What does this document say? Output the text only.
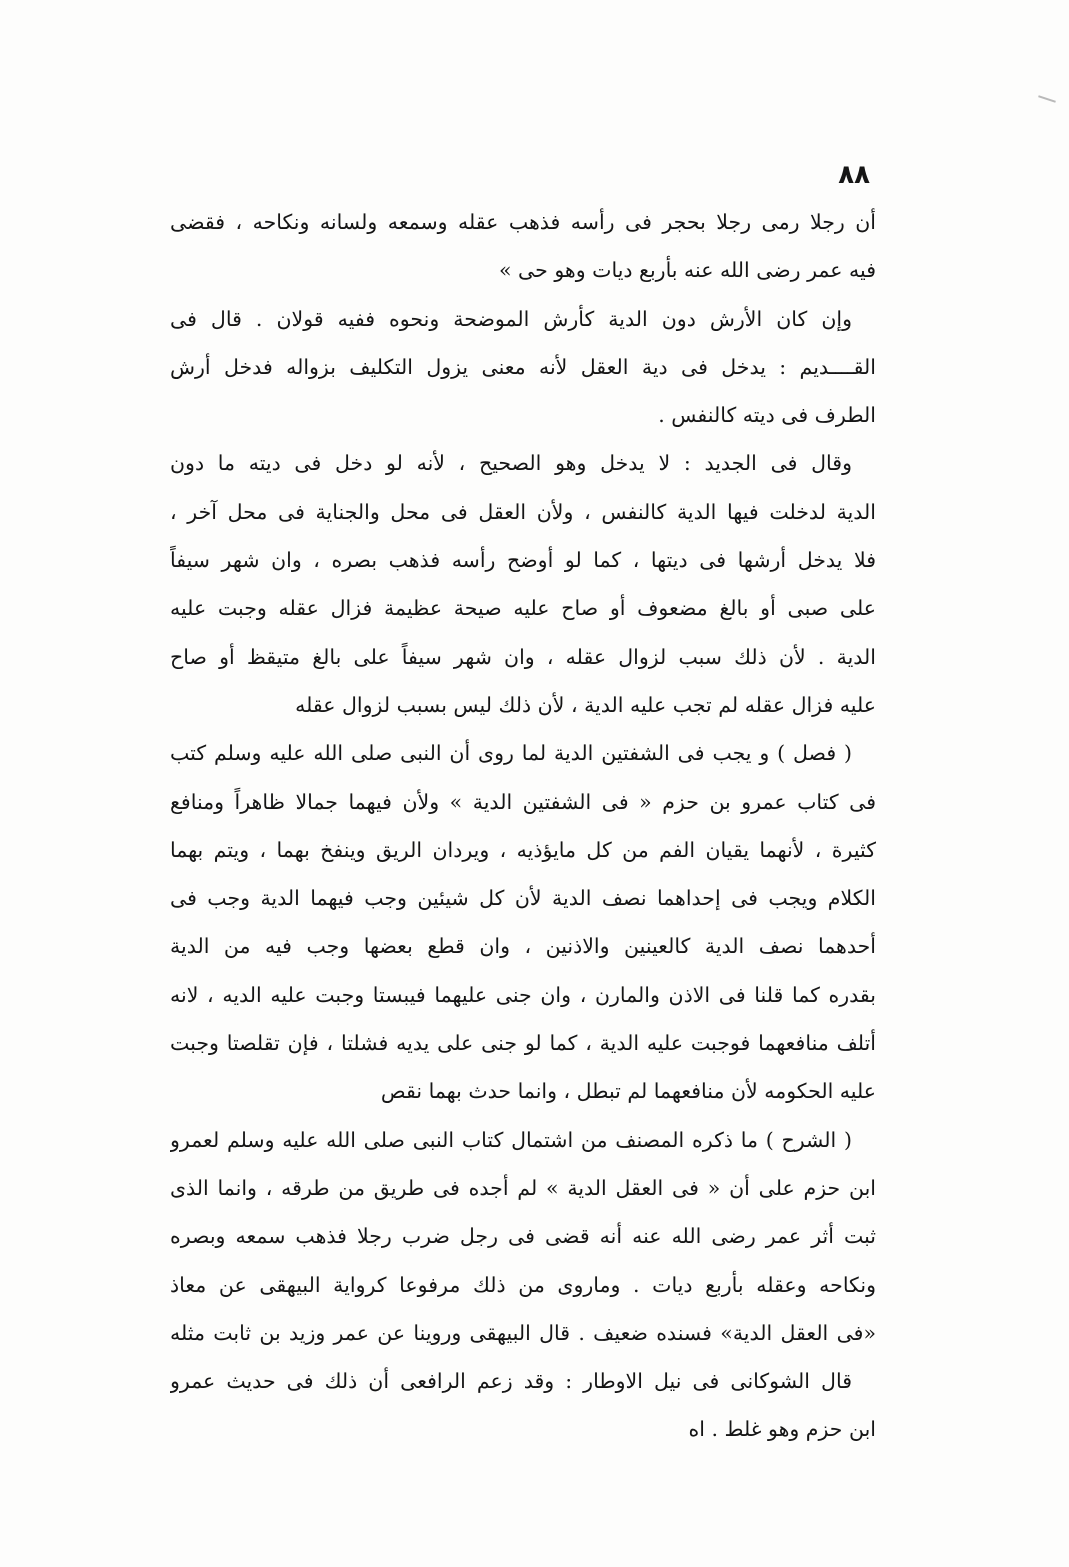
٨٨
أن رجلا رمى رجلا بحجر فى رأسه فذهب عقله وسمعه ولسانه ونكاحه ، فقضى
فيه عمر رضى الله عنه بأربع ديات وهو حى »
وإن كان الأرش دون الدية كأرش الموضحة ونحوه ففيه قولان . قال فى
القــــديم : يدخل فى دية العقل لأنه معنى يزول التكليف بزواله فدخل أرش
الطرف فى ديته كالنفس .
وقال فى الجديد : لا يدخل وهو الصحيح ، لأنه لو دخل فى ديته ما دون
الدية لدخلت فيها الدية كالنفس ، ولأن العقل فى محل والجناية فى محل آخر ،
فلا يدخل أرشها فى ديتها ، كما لو أوضح رأسه فذهب بصره ، وان شهر سيفاً
على صبى أو بالغ مضعوف أو صاح عليه صيحة عظيمة فزال عقله وجبت عليه
الدية . لأن ذلك سبب لزوال عقله ، وان شهر سيفاً على بالغ متيقظ أو صاح
عليه فزال عقله لم تجب عليه الدية ، لأن ذلك ليس بسبب لزوال عقله
( فصل ) و يجب فى الشفتين الدية لما روى أن النبى صلى الله عليه وسلم كتب
فى كتاب عمرو بن حزم « فى الشفتين الدية » ولأن فيهما جمالا ظاهراً ومنافع
كثيرة ، لأنهما يقيان الفم من كل مايؤذيه ، ويردان الريق وينفخ بهما ، ويتم بهما
الكلام ويجب فى إحداهما نصف الدية لأن كل شيئين وجب فيهما الدية وجب فى
أحدهما نصف الدية كالعينين والاذنين ، وان قطع بعضها وجب فيه من الدية
بقدره كما قلنا فى الاذن والمارن ، وان جنى عليهما فيبستا وجبت عليه الديه ، لانه
أتلف منافعهما فوجبت عليه الدية ، كما لو جنى على يديه فشلتا ، فإن تقلصتا وجبت
عليه الحكومه لأن منافعهما لم تبطل ، وانما حدث بهما نقص
( الشرح ) ما ذكره المصنف من اشتمال كتاب النبى صلى الله عليه وسلم لعمرو
ابن حزم على أن « فى العقل الدية » لم أجده فى طريق من طرقه ، وانما الذى
ثبت أثر عمر رضى الله عنه أنه قضى فى رجل ضرب رجلا فذهب سمعه وبصره
ونكاحه وعقله بأربع ديات . وماروى من ذلك مرفوعا كرواية البيهقى عن معاذ
«فى العقل الدية» فسنده ضعيف . قال البيهقى وروينا عن عمر وزيد بن ثابت مثله
قال الشوكانى فى نيل الاوطار : وقد زعم الرافعى أن ذلك فى حديث عمرو
ابن حزم وهو غلط . اه
